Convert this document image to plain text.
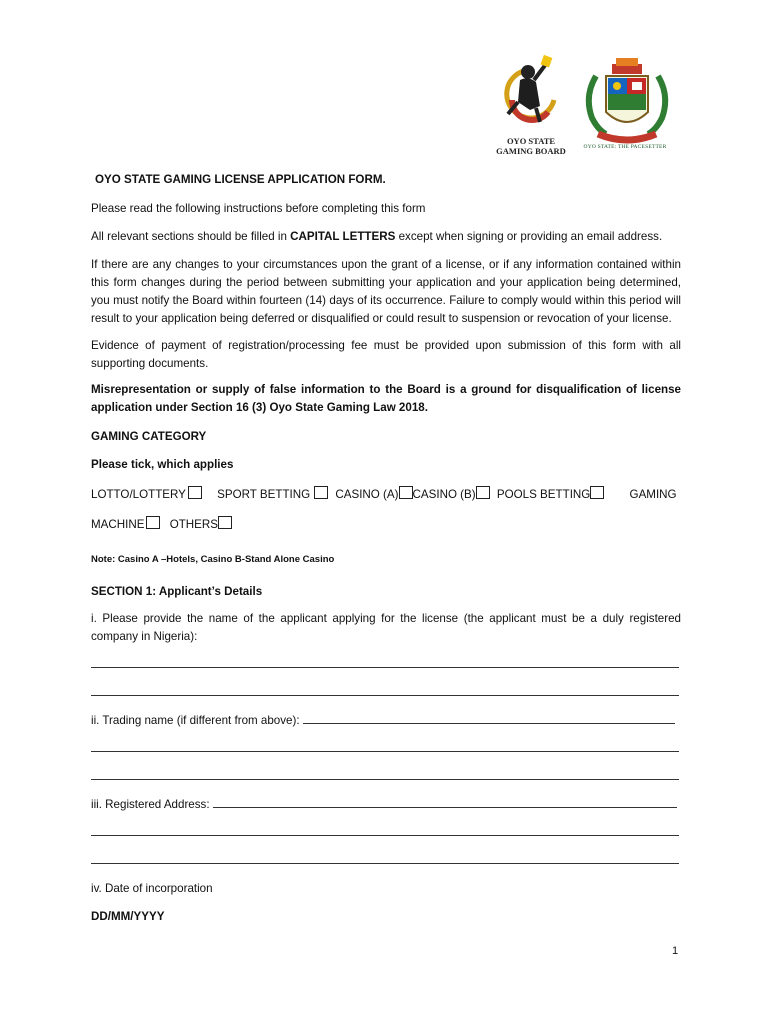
OYO STATE
GAMING BOARD	OYO STATE: THE PACESETTER

OYO STATE GAMING LICENSE APPLICATION FORM.

Please read the following instructions before completing this form

All relevant sections should be filled in CAPITAL LETTERS except when signing or providing an email address.

If there are any changes to your circumstances upon the grant of a license, or if any information contained within this form changes during the period between submitting your application and your application being determined, you must notify the Board within fourteen (14) days of its occurrence. Failure to comply would within this period will result to your application being deferred or disqualified or could result to suspension or revocation of your license.

Evidence of payment of registration/processing fee must be provided upon submission of this form with all supporting documents.

Misrepresentation or supply of false information to the Board is a ground for disqualification of license application under Section 16 (3) Oyo State Gaming Law 2018.

GAMING CATEGORY

Please tick, which applies

LOTTO/LOTTERY	SPORT BETTING CASINO (A) CASINO (B) POOLS BETTING	GAMING
MACHINE OTHERS

Note: Casino A –Hotels, Casino B-Stand Alone Casino

SECTION 1: Applicant’s Details

i. Please provide the name of the applicant applying for the license (the applicant must be a duly registered company in Nigeria):

ii. Trading name (if different from above):

iii. Registered Address:

iv. Date of incorporation

DD/MM/YYYY

1
